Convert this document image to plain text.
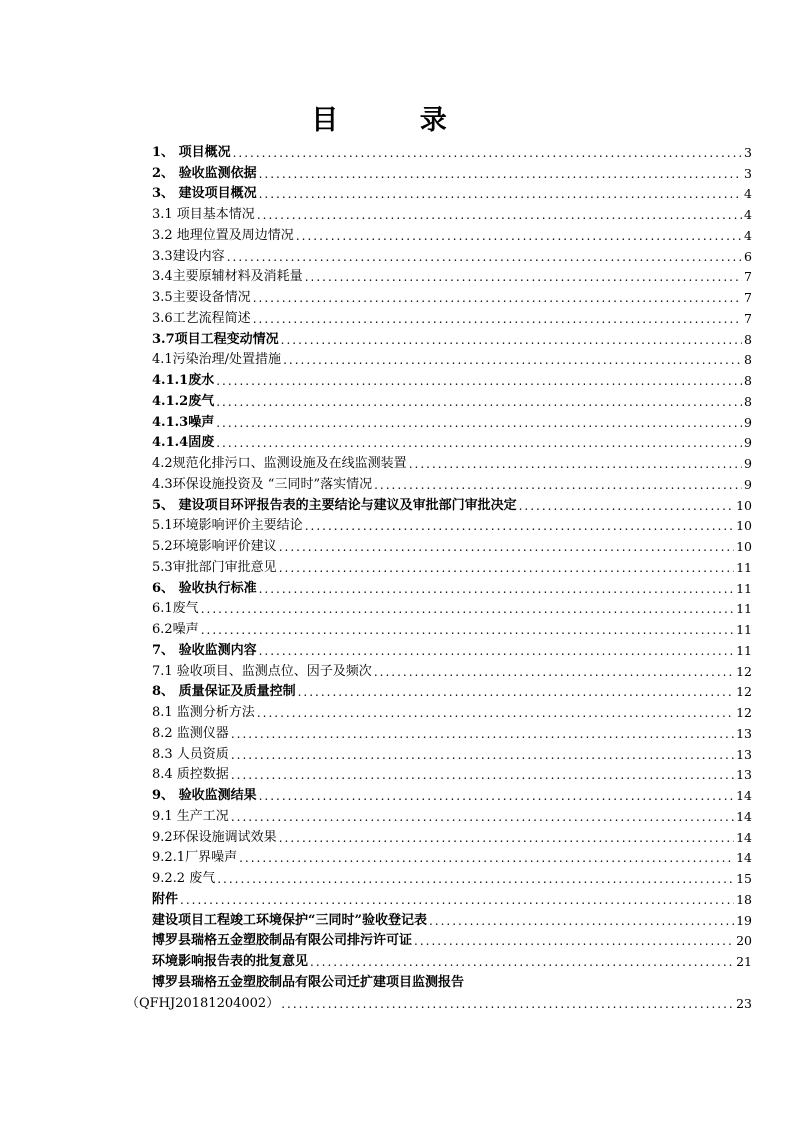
目 录
1、 项目概况 .....	3
2、 验收监测依据 .....	3
3、 建设项目概况 .....	4
3.1 项目基本情况 .....	4
3.2 地理位置及周边情况 .....	4
3.3建设内容 .....	6
3.4主要原辅材料及消耗量 .....	7
3.5主要设备情况 .....	7
3.6工艺流程简述 .....	7
3.7项目工程变动情况 .....	8
4.1污染治理/处置措施 .....	8
4.1.1废水 .....	8
4.1.2废气 .....	8
4.1.3噪声 .....	9
4.1.4固废 .....	9
4.2规范化排污口、监测设施及在线监测装置 .....	9
4.3环保设施投资及 “三同时”落实情况 .....	9
5、 建设项目环评报告表的主要结论与建议及审批部门审批决定 .....	10
5.1环境影响评价主要结论 .....	10
5.2环境影响评价建议 .....	10
5.3审批部门审批意见 .....	11
6、 验收执行标准 .....	11
6.1废气 .....	11
6.2噪声 .....	11
7、 验收监测内容 .....	11
7.1 验收项目、监测点位、因子及频次 .....	12
8、 质量保证及质量控制 .....	12
8.1 监测分析方法 .....	12
8.2 监测仪器 .....	13
8.3 人员资质 .....	13
8.4 质控数据 .....	13
9、 验收监测结果 .....	14
9.1 生产工况 .....	14
9.2环保设施调试效果 .....	14
9.2.1厂界噪声 .....	14
9.2.2 废气 .....	15
附件 .....	18
建设项目工程竣工环境保护“三同时”验收登记表 .....	19
博罗县瑞格五金塑胶制品有限公司排污许可证 .....	20
环境影响报告表的批复意见 .....	21
博罗县瑞格五金塑胶制品有限公司迁扩建项目监测报告
（QFHJ20181204002） .....	23
